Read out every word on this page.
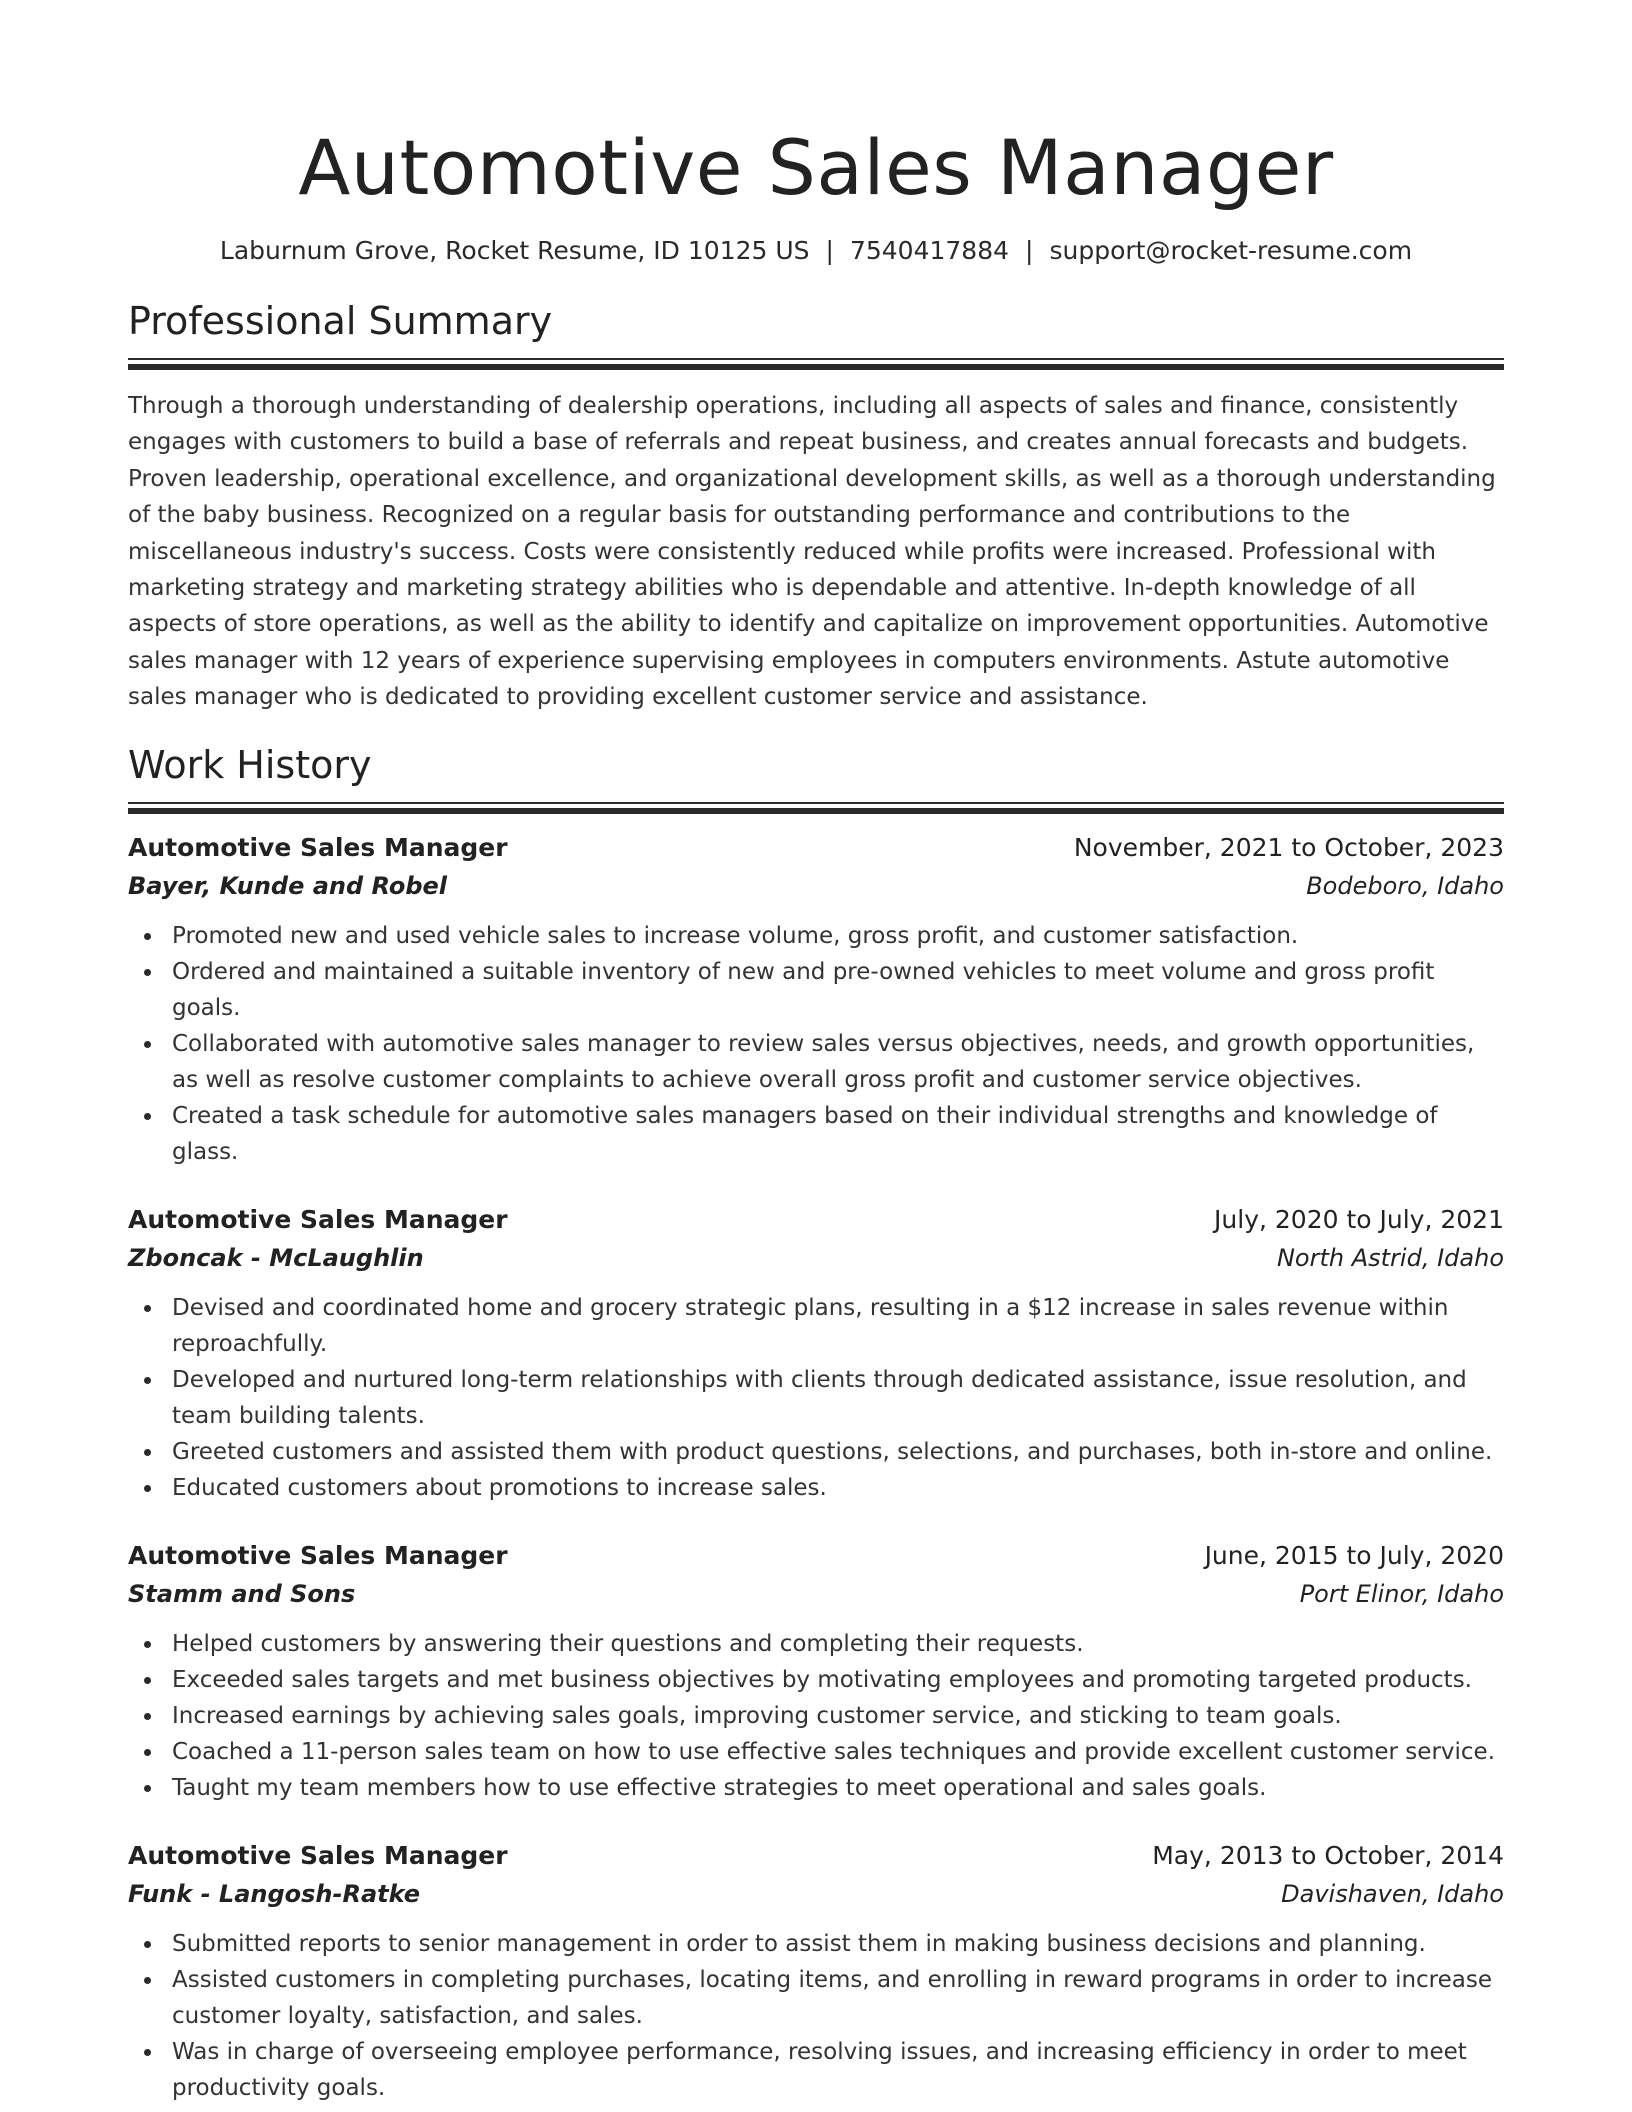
Automotive Sales Manager
Laburnum Grove, Rocket Resume, ID 10125 US | 7540417884 | support@rocket-resume.com
Professional Summary

Through a thorough understanding of dealership operations, including all aspects of sales and finance, consistently engages with customers to build a base of referrals and repeat business, and creates annual forecasts and budgets. Proven leadership, operational excellence, and organizational development skills, as well as a thorough understanding of the baby business. Recognized on a regular basis for outstanding performance and contributions to the miscellaneous industry's success. Costs were consistently reduced while profits were increased. Professional with marketing strategy and marketing strategy abilities who is dependable and attentive. In-depth knowledge of all aspects of store operations, as well as the ability to identify and capitalize on improvement opportunities. Automotive sales manager with 12 years of experience supervising employees in computers environments. Astute automotive sales manager who is dedicated to providing excellent customer service and assistance.

Work History
Automotive Sales Manager	November, 2021 to October, 2023
Bayer, Kunde and Robel	Bodeboro, Idaho
Promoted new and used vehicle sales to increase volume, gross profit, and customer satisfaction.
Ordered and maintained a suitable inventory of new and pre-owned vehicles to meet volume and gross profit goals.
Collaborated with automotive sales manager to review sales versus objectives, needs, and growth opportunities, as well as resolve customer complaints to achieve overall gross profit and customer service objectives.
Created a task schedule for automotive sales managers based on their individual strengths and knowledge of glass.
Automotive Sales Manager	July, 2020 to July, 2021
Zboncak - McLaughlin	North Astrid, Idaho
Devised and coordinated home and grocery strategic plans, resulting in a $12 increase in sales revenue within reproachfully.
Developed and nurtured long-term relationships with clients through dedicated assistance, issue resolution, and team building talents.
Greeted customers and assisted them with product questions, selections, and purchases, both in-store and online.
Educated customers about promotions to increase sales.
Automotive Sales Manager	June, 2015 to July, 2020
Stamm and Sons	Port Elinor, Idaho
Helped customers by answering their questions and completing their requests.
Exceeded sales targets and met business objectives by motivating employees and promoting targeted products.
Increased earnings by achieving sales goals, improving customer service, and sticking to team goals.
Coached a 11-person sales team on how to use effective sales techniques and provide excellent customer service.
Taught my team members how to use effective strategies to meet operational and sales goals.
Automotive Sales Manager	May, 2013 to October, 2014
Funk - Langosh-Ratke	Davishaven, Idaho
Submitted reports to senior management in order to assist them in making business decisions and planning.
Assisted customers in completing purchases, locating items, and enrolling in reward programs in order to increase customer loyalty, satisfaction, and sales.
Was in charge of overseeing employee performance, resolving issues, and increasing efficiency in order to meet productivity goals.
